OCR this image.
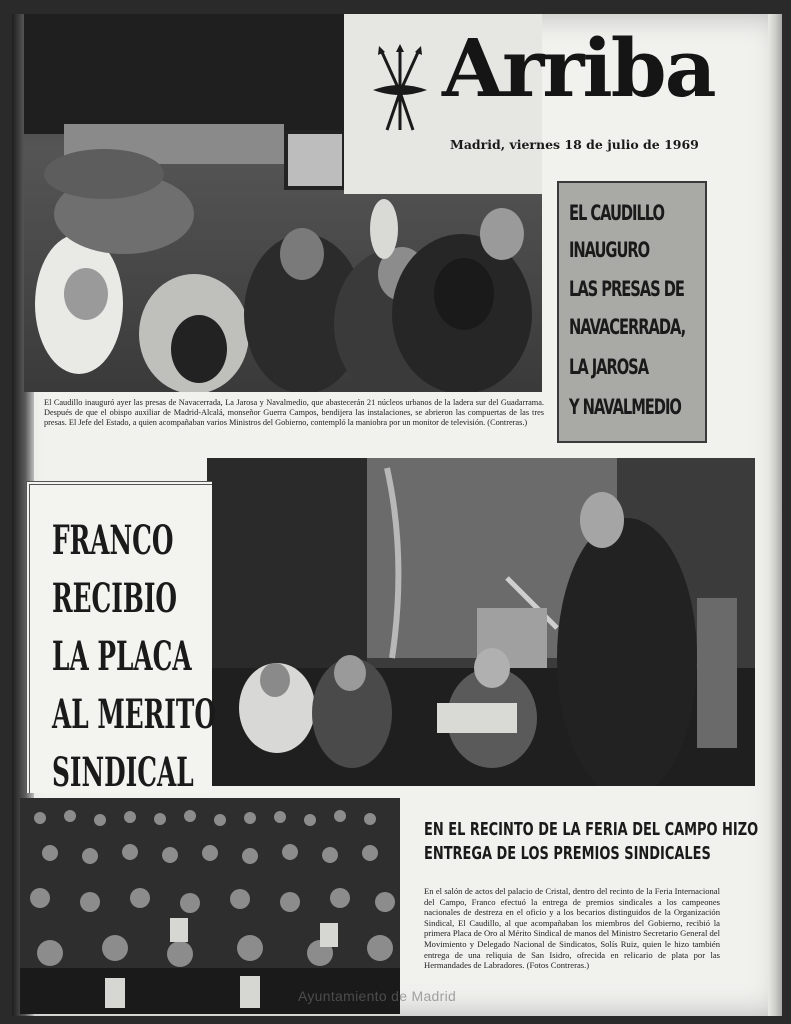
Arriba
Madrid, viernes 18 de julio de 1969
EL CAUDILLO
INAUGURO
LAS PRESAS DE
NAVACERRADA,
LA JAROSA
Y NAVALMEDIO
El Caudillo inauguró ayer las presas de Navacerrada, La Jarosa y Navalmedio, que abastecerán 21 núcleos urbanos de la ladera sur del Guadarrama. Después de que el obispo auxiliar de Madrid-Alcalá, monseñor Guerra Campos, bendijera las instalaciones, se abrieron las compuertas de las tres presas. El Jefe del Estado, a quien acompañaban varios Ministros del Gobierno, contempló la maniobra por un monitor de televisión. (Contreras.)
FRANCO
RECIBIO
LA PLACA
AL MERITO
SINDICAL
EN EL RECINTO DE LA FERIA DEL CAMPO HIZO ENTREGA DE LOS PREMIOS SINDICALES
En el salón de actos del palacio de Cristal, dentro del recinto de la Feria Internacional del Campo, Franco efectuó la entrega de premios sindicales a los campeones nacionales de destreza en el oficio y a los becarios distinguidos de la Organización Sindical, El Caudillo, al que acompañaban los miembros del Gobierno, recibió la primera Placa de Oro al Mérito Sindical de manos del Ministro Secretario General del Movimiento y Delegado Nacional de Sindicatos, Solís Ruiz, quien le hizo también entrega de una reliquia de San Isidro, ofrecida en relicario de plata por las Hermandades de Labradores. (Fotos Contreras.)
Ayuntamiento de Madrid
